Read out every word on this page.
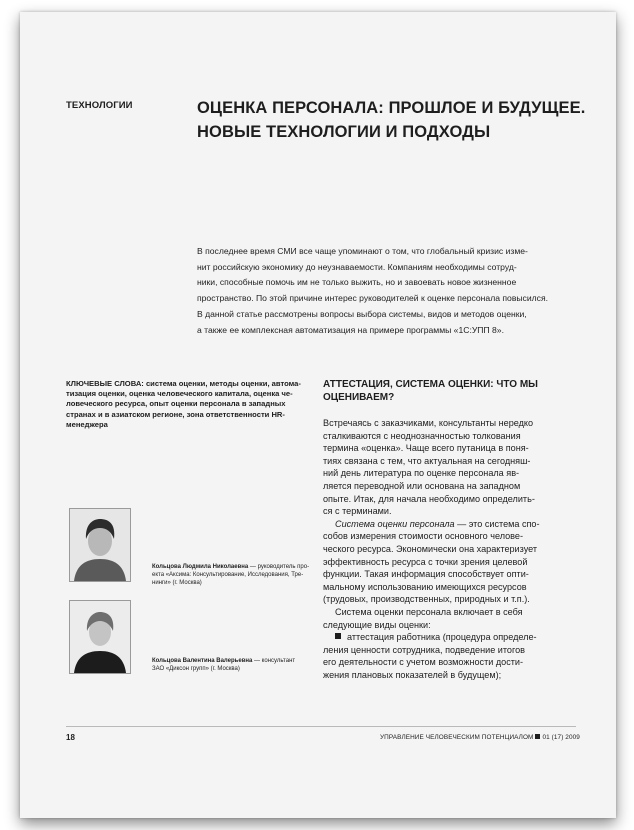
ТЕХНОЛОГИИ	ОЦЕНКА ПЕРСОНАЛА: ПРОШЛОЕ И БУДУЩЕЕ.
НОВЫЕ ТЕХНОЛОГИИ И ПОДХОДЫ
В последнее время СМИ все чаще упоминают о том, что глобальный кризис изме-
нит российскую экономику до неузнаваемости. Компаниям необходимы сотруд-
ники, способные помочь им не только выжить, но и завоевать новое жизненное
пространство. По этой причине интерес руководителей к оценке персонала повысился.
В данной статье рассмотрены вопросы выбора системы, видов и методов оценки,
а также ее комплексная автоматизация на примере программы «1С:УПП 8».
КЛЮЧЕВЫЕ СЛОВА: система оценки, методы оценки, автома-
тизация оценки, оценка человеческого капитала, оценка че-
ловеческого ресурса, опыт оценки персонала в западных
странах и в азиатском регионе, зона ответственности HR-
менеджера
Кольцова Людмила Николаевна — руководитель про-
екта «Аксима: Консультирование, Исследования, Тре-
нинги» (г. Москва)
Кольцова Валентина Валерьевна — консультант
ЗАО «Диксон групп» (г. Москва)
АТТЕСТАЦИЯ, СИСТЕМА ОЦЕНКИ: ЧТО МЫ
ОЦЕНИВАЕМ?
Встречаясь с заказчиками, консультанты нередко
сталкиваются с неоднозначностью толкования
термина «оценка». Чаще всего путаница в поня-
тиях связана с тем, что актуальная на сегодняш-
ний день литература по оценке персонала яв-
ляется переводной или основана на западном
опыте. Итак, для начала необходимо определить-
ся с терминами.
Система оценки персонала — это система спо-
собов измерения стоимости основного челове-
ческого ресурса. Экономически она характеризует
эффективность ресурса с точки зрения целевой
функции. Такая информация способствует опти-
мальному использованию имеющихся ресурсов
(трудовых, производственных, природных и т.п.).
Система оценки персонала включает в себя
следующие виды оценки:
аттестация работника (процедура определе-
ления ценности сотрудника, подведение итогов
его деятельности с учетом возможности дости-
жения плановых показателей в будущем);
18	УПРАВЛЕНИЕ ЧЕЛОВЕЧЕСКИМ ПОТЕНЦИАЛОМ 01 (17) 2009
